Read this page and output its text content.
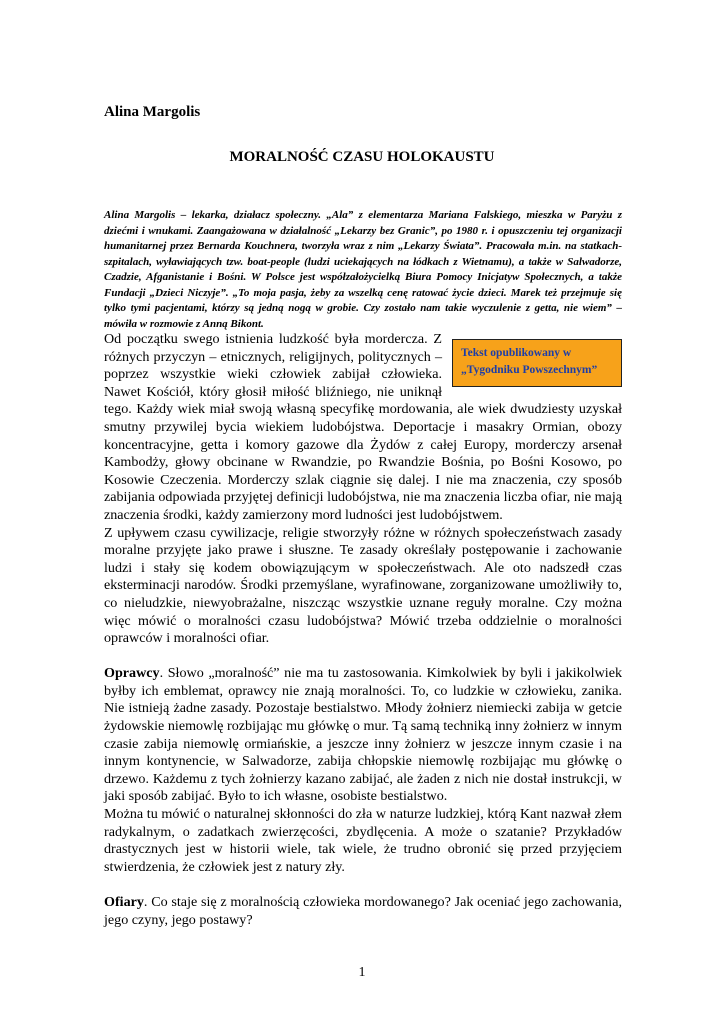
Alina Margolis
MORALNOŚĆ CZASU HOLOKAUSTU

Alina Margolis – lekarka, działacz społeczny. „Ala” z elementarza Mariana Falskiego, mieszka w Paryżu z dziećmi i wnukami. Zaangażowana w działalność „Lekarzy bez Granic”, po 1980 r. i opuszczeniu tej organizacji humanitarnej przez Bernarda Kouchnera, tworzyła wraz z nim „Lekarzy Świata”. Pracowała m.in. na statkach-szpitalach, wyławiających tzw. boat-people (ludzi uciekających na łódkach z Wietnamu), a także w Salwadorze, Czadzie, Afganistanie i Bośni. W Polsce jest współzałożycielką Biura Pomocy Inicjatyw Społecznych, a także Fundacji „Dzieci Niczyje”. „To moja pasja, żeby za wszelką cenę ratować życie dzieci. Marek też przejmuje się tylko tymi pacjentami, którzy są jedną nogą w grobie. Czy zostało nam takie wyczulenie z getta, nie wiem” – mówiła w rozmowie z Anną Bikont.

Tekst opublikowany w
„Tygodniku Powszechnym”

Od początku swego istnienia ludzkość była mordercza. Z różnych przyczyn – etnicznych, religijnych, politycznych – poprzez wszystkie wieki człowiek zabijał człowieka. Nawet Kościół, który głosił miłość bliźniego, nie uniknął tego. Każdy wiek miał swoją własną specyfikę mordowania, ale wiek dwudziesty uzyskał smutny przywilej bycia wiekiem ludobójstwa. Deportacje i masakry Ormian, obozy koncentracyjne, getta i komory gazowe dla Żydów z całej Europy, morderczy arsenał Kambodży, głowy obcinane w Rwandzie, po Rwandzie Bośnia, po Bośni Kosowo, po Kosowie Czeczenia. Morderczy szlak ciągnie się dalej. I nie ma znaczenia, czy sposób zabijania odpowiada przyjętej definicji ludobójstwa, nie ma znaczenia liczba ofiar, nie mają znaczenia środki, każdy zamierzony mord ludności jest ludobójstwem.

Z upływem czasu cywilizacje, religie stworzyły różne w różnych społeczeństwach zasady moralne przyjęte jako prawe i słuszne. Te zasady określały postępowanie i zachowanie ludzi i stały się kodem obowiązującym w społeczeństwach. Ale oto nadszedł czas eksterminacji narodów. Środki przemyślane, wyrafinowane, zorganizowane umożliwiły to, co nieludzkie, niewyobrażalne, niszcząc wszystkie uznane reguły moralne. Czy można więc mówić o moralności czasu ludobójstwa? Mówić trzeba oddzielnie o moralności oprawców i moralności ofiar.

Oprawcy. Słowo „moralność” nie ma tu zastosowania. Kimkolwiek by byli i jakikolwiek byłby ich emblemat, oprawcy nie znają moralności. To, co ludzkie w człowieku, zanika. Nie istnieją żadne zasady. Pozostaje bestialstwo. Młody żołnierz niemiecki zabija w getcie żydowskie niemowlę rozbijając mu główkę o mur. Tą samą techniką inny żołnierz w innym czasie zabija niemowlę ormiańskie, a jeszcze inny żołnierz w jeszcze innym czasie i na innym kontynencie, w Salwadorze, zabija chłopskie niemowlę rozbijając mu główkę o drzewo. Każdemu z tych żołnierzy kazano zabijać, ale żaden z nich nie dostał instrukcji, w jaki sposób zabijać. Było to ich własne, osobiste bestialstwo.

Można tu mówić o naturalnej skłonności do zła w naturze ludzkiej, którą Kant nazwał złem radykalnym, o zadatkach zwierzęcości, zbydlęcenia. A może o szatanie? Przykładów drastycznych jest w historii wiele, tak wiele, że trudno obronić się przed przyjęciem stwierdzenia, że człowiek jest z natury zły.

Ofiary. Co staje się z moralnością człowieka mordowanego? Jak oceniać jego zachowania, jego czyny, jego postawy?

1
